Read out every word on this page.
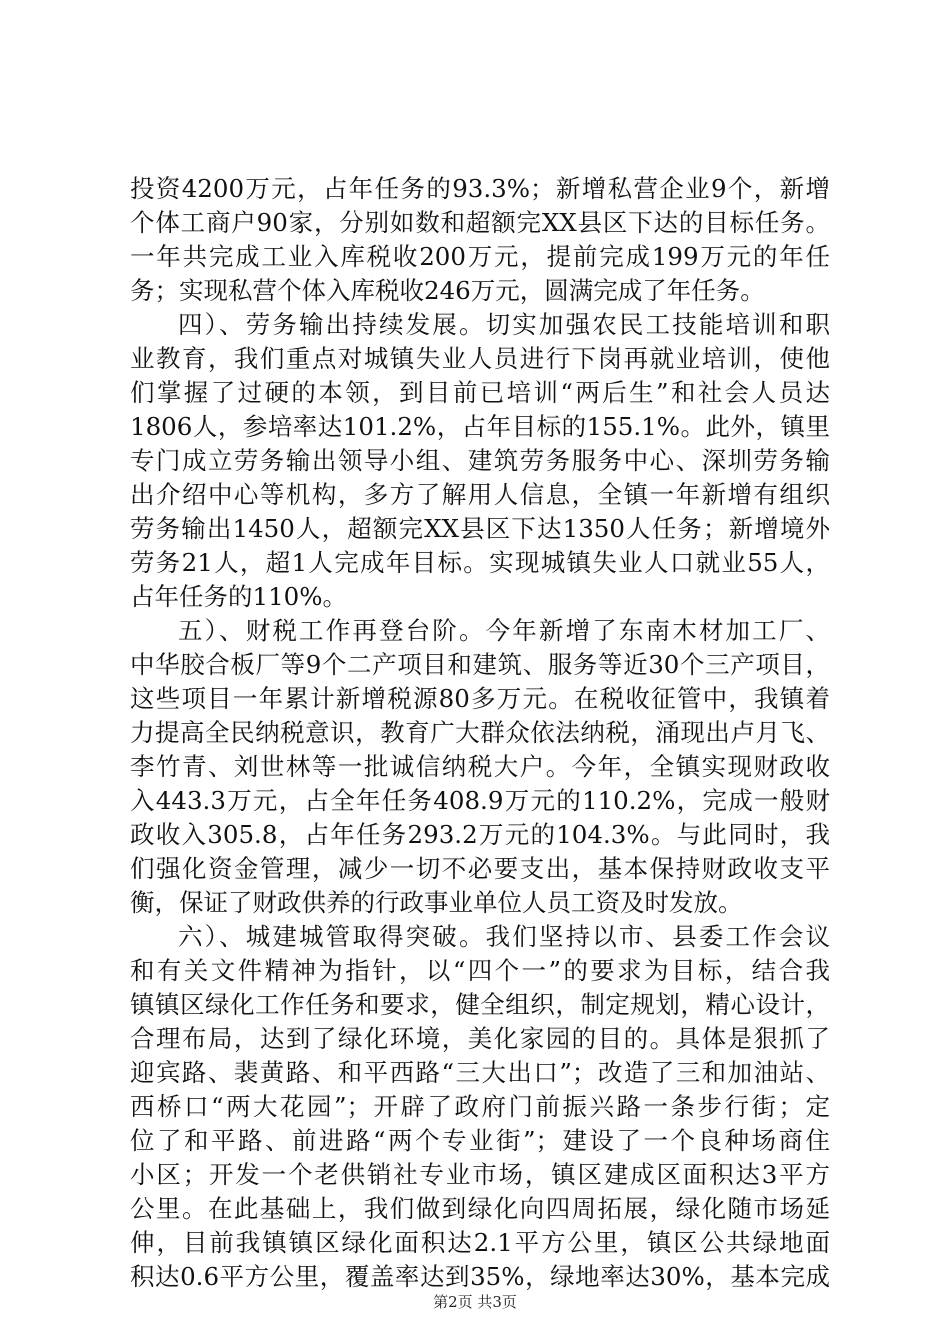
投资4200万元，占年任务的93.3%；新增私营企业9个，新增
个体工商户90家，分别如数和超额完XX县区下达的目标任务。
一年共完成工业入库税收200万元，提前完成199万元的年任
务；实现私营个体入库税收246万元，圆满完成了年任务。
四）、劳务输出持续发展。切实加强农民工技能培训和职
业教育，我们重点对城镇失业人员进行下岗再就业培训，使他
们掌握了过硬的本领，到目前已培训“两后生”和社会人员达
1806人，参培率达101.2%，占年目标的155.1%。此外，镇里
专门成立劳务输出领导小组、建筑劳务服务中心、深圳劳务输
出介绍中心等机构，多方了解用人信息，全镇一年新增有组织
劳务输出1450人，超额完XX县区下达1350人任务；新增境外
劳务21人，超1人完成年目标。实现城镇失业人口就业55人，
占年任务的110%。
五）、财税工作再登台阶。今年新增了东南木材加工厂、
中华胶合板厂等9个二产项目和建筑、服务等近30个三产项目，
这些项目一年累计新增税源80多万元。在税收征管中，我镇着
力提高全民纳税意识，教育广大群众依法纳税，涌现出卢月飞、
李竹青、刘世林等一批诚信纳税大户。今年，全镇实现财政收
入443.3万元，占全年任务408.9万元的110.2%，完成一般财
政收入305.8，占年任务293.2万元的104.3%。与此同时，我
们强化资金管理，减少一切不必要支出，基本保持财政收支平
衡，保证了财政供养的行政事业单位人员工资及时发放。
六）、城建城管取得突破。我们坚持以市、县委工作会议
和有关文件精神为指针，以“四个一”的要求为目标，结合我
镇镇区绿化工作任务和要求，健全组织，制定规划，精心设计，
合理布局，达到了绿化环境，美化家园的目的。具体是狠抓了
迎宾路、裴黄路、和平西路“三大出口”；改造了三和加油站、
西桥口“两大花园”；开辟了政府门前振兴路一条步行街；定
位了和平路、前进路“两个专业街”；建设了一个良种场商住
小区；开发一个老供销社专业市场，镇区建成区面积达3平方
公里。在此基础上，我们做到绿化向四周拓展，绿化随市场延
伸，目前我镇镇区绿化面积达2.1平方公里，镇区公共绿地面
积达0.6平方公里，覆盖率达到35%，绿地率达30%，基本完成
第2页 共3页
